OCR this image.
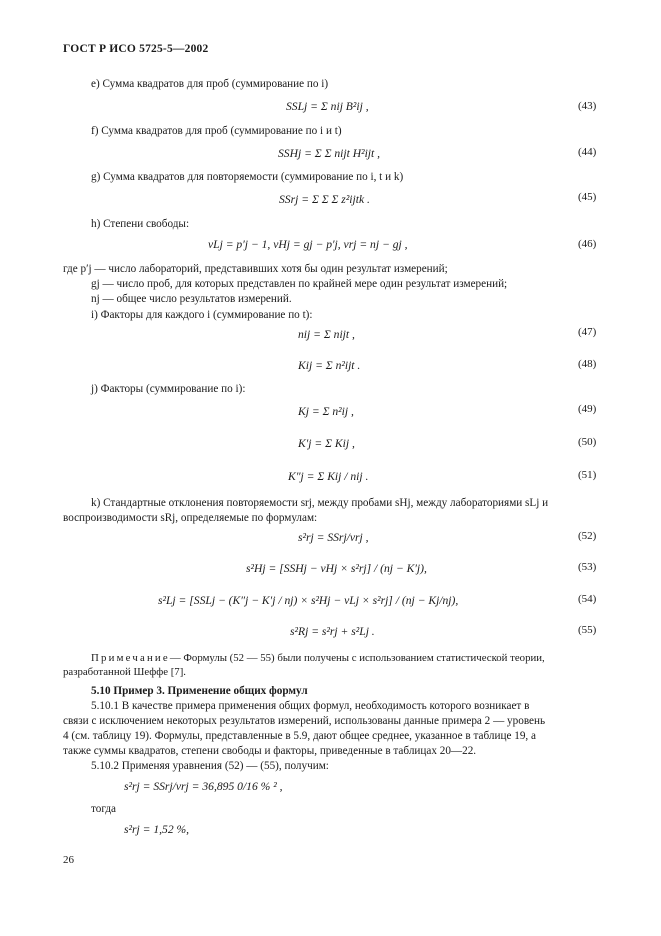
ГОСТ Р ИСО 5725-5—2002
e) Сумма квадратов для проб (суммирование по i)
SSLj = Σ nij B²ij ,	(43)
f) Сумма квадратов для проб (суммирование по i и t)
SSHj = Σ Σ nijt H²ijt ,	(44)
g) Сумма квадратов для повторяемости (суммирование по i, t и k)
SSrj = Σ Σ Σ z²ijtk .	(45)
h) Степени свободы:
νLj = p′j − 1, νHj = gj − p′j, νrj = nj − gj ,	(46)
где p′j — число лабораторий, представивших хотя бы один результат измерений;
gj — число проб, для которых представлен по крайней мере один результат измерений;
nj — общее число результатов измерений.
i) Факторы для каждого i (суммирование по t):
nij = Σ nijt ,	(47)
Kij = Σ n²ijt .	(48)
j) Факторы (суммирование по i):
Kj = Σ n²ij ,	(49)
K′j = Σ Kij ,	(50)
K″j = Σ Kij / nij .	(51)
k) Стандартные отклонения повторяемости srj, между пробами sHj, между лабораториями sLj и
воспроизводимости sRj, определяемые по формулам:
s²rj = SSrj/νrj ,	(52)
s²Hj = [SSHj − νHj × s²rj] / (nj − K′j),	(53)
s²Lj = [SSLj − (K″j − K′j / nj) × s²Hj − νLj × s²rj] / (nj − Kj/nj),	(54)
s²Rj = s²rj + s²Lj .	(55)
Примечание— Формулы (52 — 55) были получены с использованием статистической теории,
разработанной Шеффе [7].
5.10 Пример 3. Применение общих формул
5.10.1 В качестве примера применения общих формул, необходимость которого возникает в
связи с исключением некоторых результатов измерений, использованы данные примера 2 — уровень
4 (см. таблицу 19). Формулы, представленные в 5.9, дают общее среднее, указанное в таблице 19, а
также суммы квадратов, степени свободы и факторы, приведенные в таблицах 20—22.
5.10.2 Применяя уравнения (52) — (55), получим:
s²rj = SSrj/νrj = 36,895 0/16 % ² ,
тогда
s²rj = 1,52 %,
26
